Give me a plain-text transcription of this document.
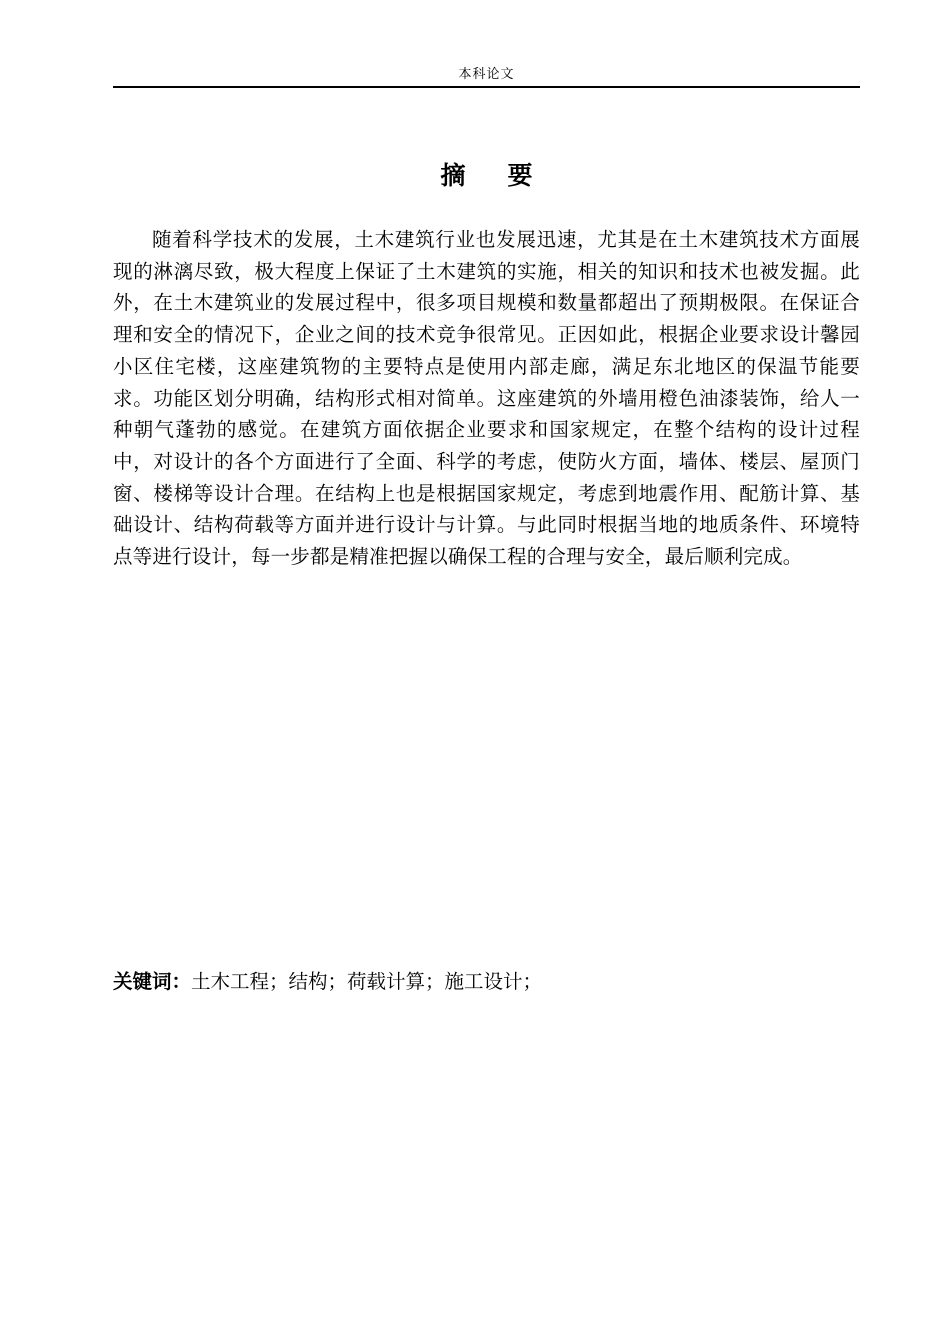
本科论文
摘 要

随着科学技术的发展，土木建筑行业也发展迅速，尤其是在土木建筑技术方面展现的淋漓尽致，极大程度上保证了土木建筑的实施，相关的知识和技术也被发掘。此外，在土木建筑业的发展过程中，很多项目规模和数量都超出了预期极限。在保证合理和安全的情况下，企业之间的技术竞争很常见。正因如此，根据企业要求设计馨园小区住宅楼，这座建筑物的主要特点是使用内部走廊，满足东北地区的保温节能要求。功能区划分明确，结构形式相对简单。这座建筑的外墙用橙色油漆装饰，给人一种朝气蓬勃的感觉。在建筑方面依据企业要求和国家规定，在整个结构的设计过程中，对设计的各个方面进行了全面、科学的考虑，使防火方面，墙体、楼层、屋顶门窗、楼梯等设计合理。在结构上也是根据国家规定，考虑到地震作用、配筋计算、基础设计、结构荷载等方面并进行设计与计算。与此同时根据当地的地质条件、环境特点等进行设计，每一步都是精准把握以确保工程的合理与安全，最后顺利完成。

关键词：土木工程；结构；荷载计算；施工设计；
